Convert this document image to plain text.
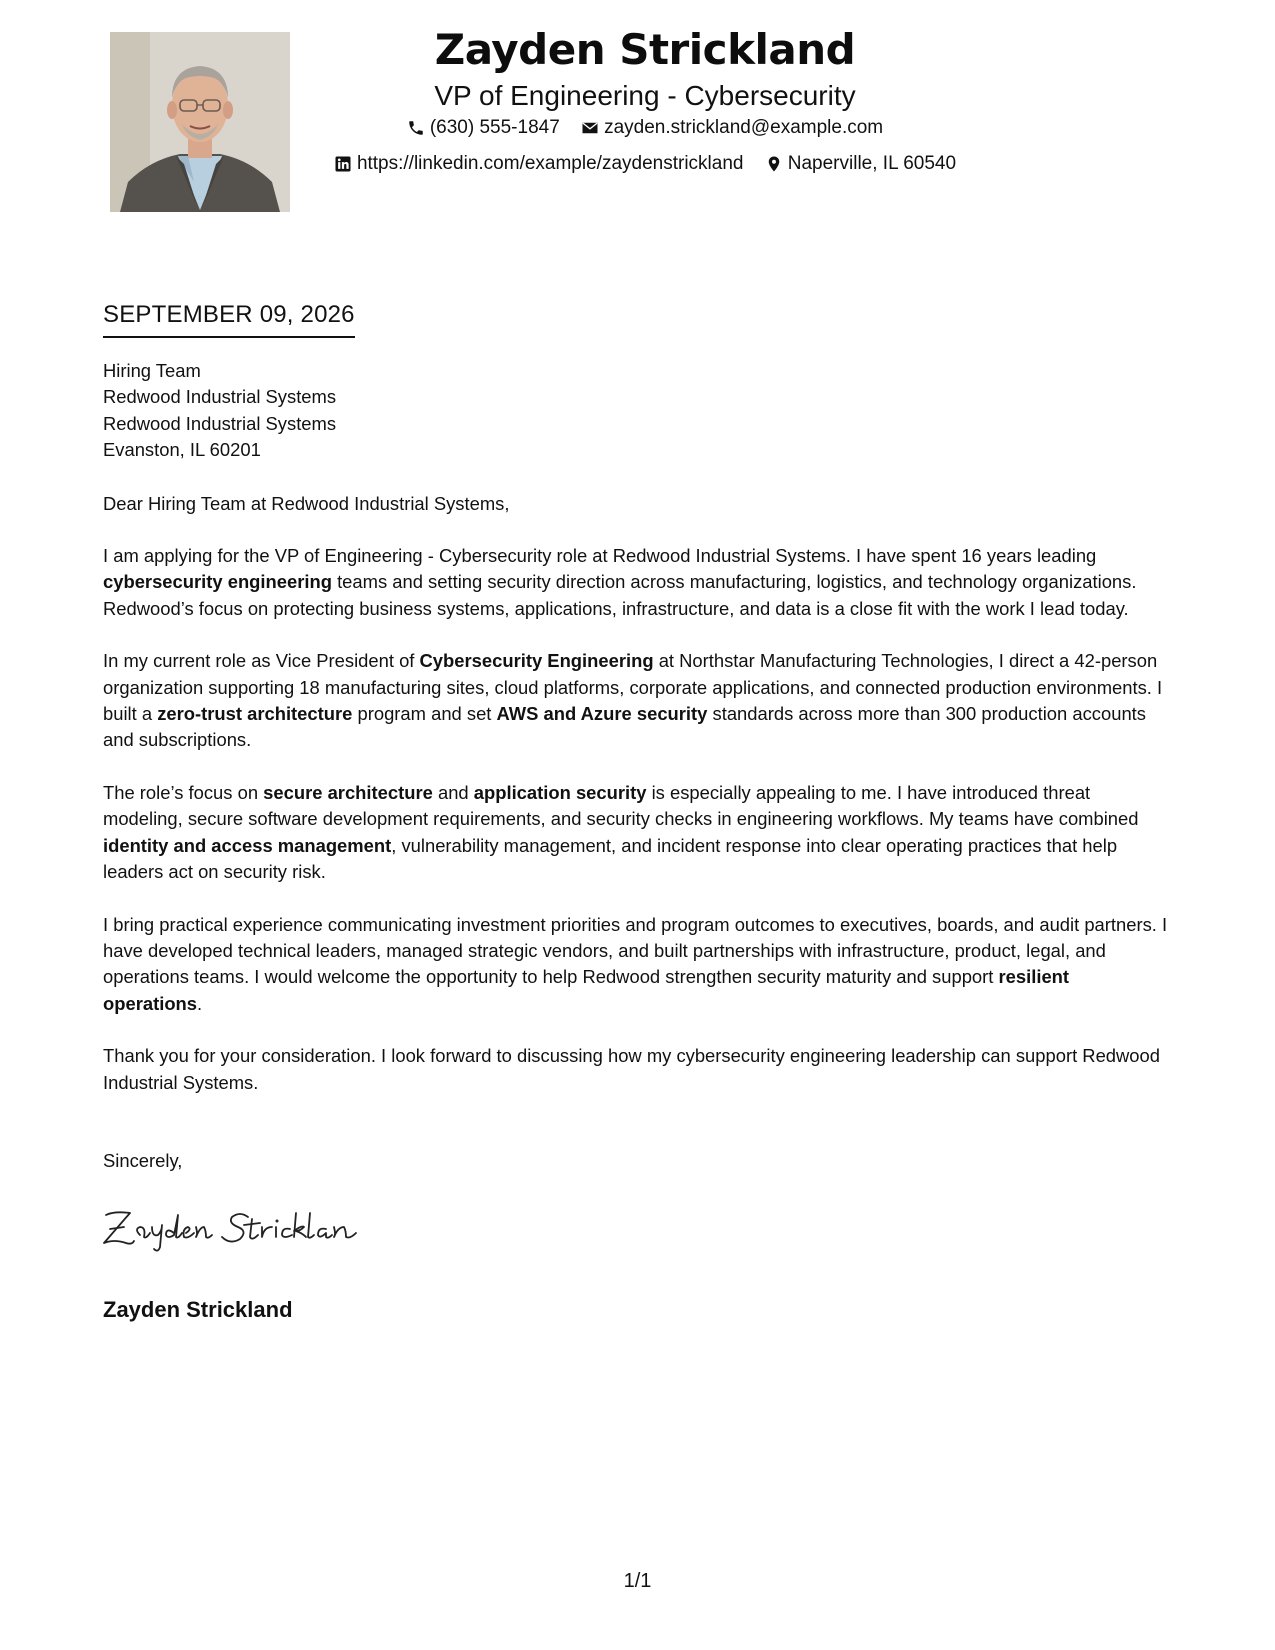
Zayden Strickland

VP of Engineering - Cybersecurity

(630) 555-1847
zayden.strickland@example.com

https://linkedin.com/example/zaydenstrickland
Naperville, IL 60540

SEPTEMBER 09, 2026
Hiring Team
Redwood Industrial Systems
Redwood Industrial Systems
Evanston, IL 60201
Dear Hiring Team at Redwood Industrial Systems,

I am applying for the VP of Engineering - Cybersecurity role at Redwood Industrial Systems. I have spent 16 years leading cybersecurity engineering teams and setting security direction across manufacturing, logistics, and technology organizations. Redwood’s focus on protecting business systems, applications, infrastructure, and data is a close fit with the work I lead today.

In my current role as Vice President of Cybersecurity Engineering at Northstar Manufacturing Technologies, I direct a 42-person organization supporting 18 manufacturing sites, cloud platforms, corporate applications, and connected production environments. I built a zero-trust architecture program and set AWS and Azure security standards across more than 300 production accounts and subscriptions.

The role’s focus on secure architecture and application security is especially appealing to me. I have introduced threat modeling, secure software development requirements, and security checks in engineering workflows. My teams have combined identity and access management, vulnerability management, and incident response into clear operating practices that help leaders act on security risk.

I bring practical experience communicating investment priorities and program outcomes to executives, boards, and audit partners. I have developed technical leaders, managed strategic vendors, and built partnerships with infrastructure, product, legal, and operations teams. I would welcome the opportunity to help Redwood strengthen security maturity and support resilient operations.

Thank you for your consideration. I look forward to discussing how my cybersecurity engineering leadership can support Redwood Industrial Systems.

Sincerely,
Zayden Strickland
1/1
